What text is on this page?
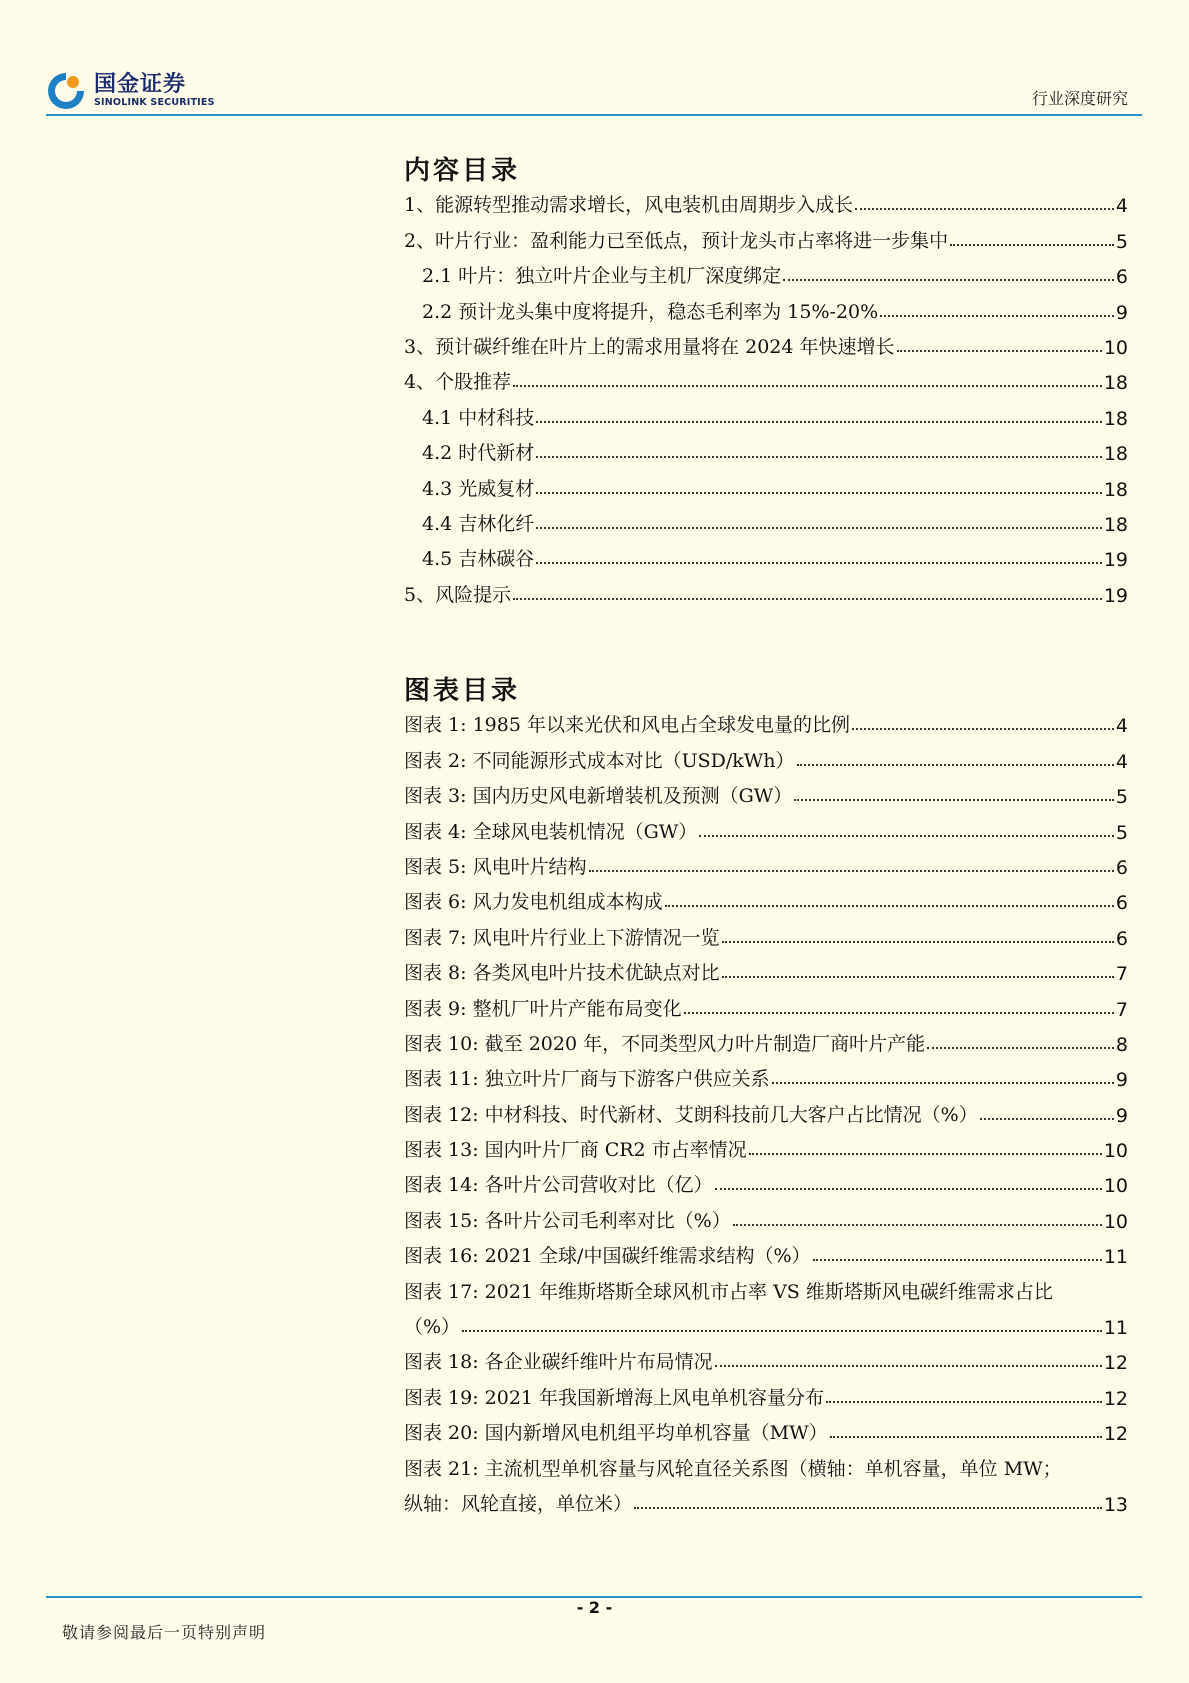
国金证券
SINOLINK SECURITIES	行业深度研究
内容目录
1、能源转型推动需求增长，风电装机由周期步入成长	4
2、叶片行业：盈利能力已至低点，预计龙头市占率将进一步集中	5
2.1 叶片：独立叶片企业与主机厂深度绑定	6
2.2 预计龙头集中度将提升，稳态毛利率为 15%-20%	9
3、预计碳纤维在叶片上的需求用量将在 2024 年快速增长	10
4、个股推荐	18
4.1 中材科技	18
4.2 时代新材	18
4.3 光威复材	18
4.4 吉林化纤	18
4.5 吉林碳谷	19
5、风险提示	19
图表目录
图表 1: 1985 年以来光伏和风电占全球发电量的比例	4
图表 2: 不同能源形式成本对比（USD/kWh）	4
图表 3: 国内历史风电新增装机及预测（GW）	5
图表 4: 全球风电装机情况（GW）	5
图表 5: 风电叶片结构	6
图表 6: 风力发电机组成本构成	6
图表 7: 风电叶片行业上下游情况一览	6
图表 8: 各类风电叶片技术优缺点对比	7
图表 9: 整机厂叶片产能布局变化	7
图表 10: 截至 2020 年，不同类型风力叶片制造厂商叶片产能	8
图表 11: 独立叶片厂商与下游客户供应关系	9
图表 12: 中材科技、时代新材、艾朗科技前几大客户占比情况（%）	9
图表 13: 国内叶片厂商 CR2 市占率情况	10
图表 14: 各叶片公司营收对比（亿）	10
图表 15: 各叶片公司毛利率对比（%）	10
图表 16: 2021 全球/中国碳纤维需求结构（%）	11
图表 17: 2021 年维斯塔斯全球风机市占率 VS 维斯塔斯风电碳纤维需求占比
（%）	11
图表 18: 各企业碳纤维叶片布局情况	12
图表 19: 2021 年我国新增海上风电单机容量分布	12
图表 20: 国内新增风电机组平均单机容量（MW）	12
图表 21: 主流机型单机容量与风轮直径关系图（横轴：单机容量，单位 MW；
纵轴：风轮直接，单位米）	13
- 2 -
敬请参阅最后一页特别声明
